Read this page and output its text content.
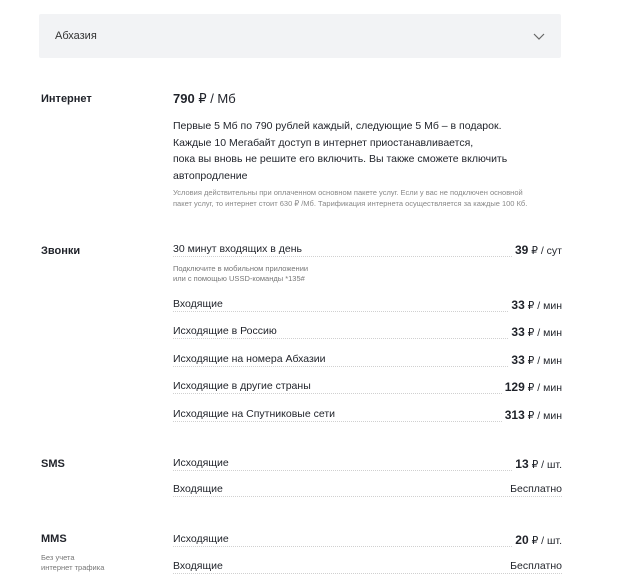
Абхазия
Интернет	790 ₽ / Мб
Первые 5 Мб по 790 рублей каждый, следующие 5 Мб – в подарок.
Каждые 10 Мегабайт доступ в интернет приостанавливается,
пока вы вновь не решите его включить. Вы также сможете включить
автопродление
Условия действительны при оплаченном основном пакете услуг. Если у вас не подключен основной
пакет услуг, то интернет стоит 630 ₽ /Мб. Тарификация интернета осуществляется за каждые 100 Кб.
Звонки	30 минут входящих в день	39 ₽ / сут
Подключите в мобильном приложении
или с помощью USSD-команды *135#
Входящие	33 ₽ / мин
Исходящие в Россию	33 ₽ / мин
Исходящие на номера Абхазии	33 ₽ / мин
Исходящие в другие страны	129 ₽ / мин
Исходящие на Спутниковые сети	313 ₽ / мин
SMS	Исходящие	13 ₽ / шт.
Входящие	Бесплатно
MMS
Без учета
интернет трафика
Исходящие	20 ₽ / шт.
Входящие	Бесплатно
